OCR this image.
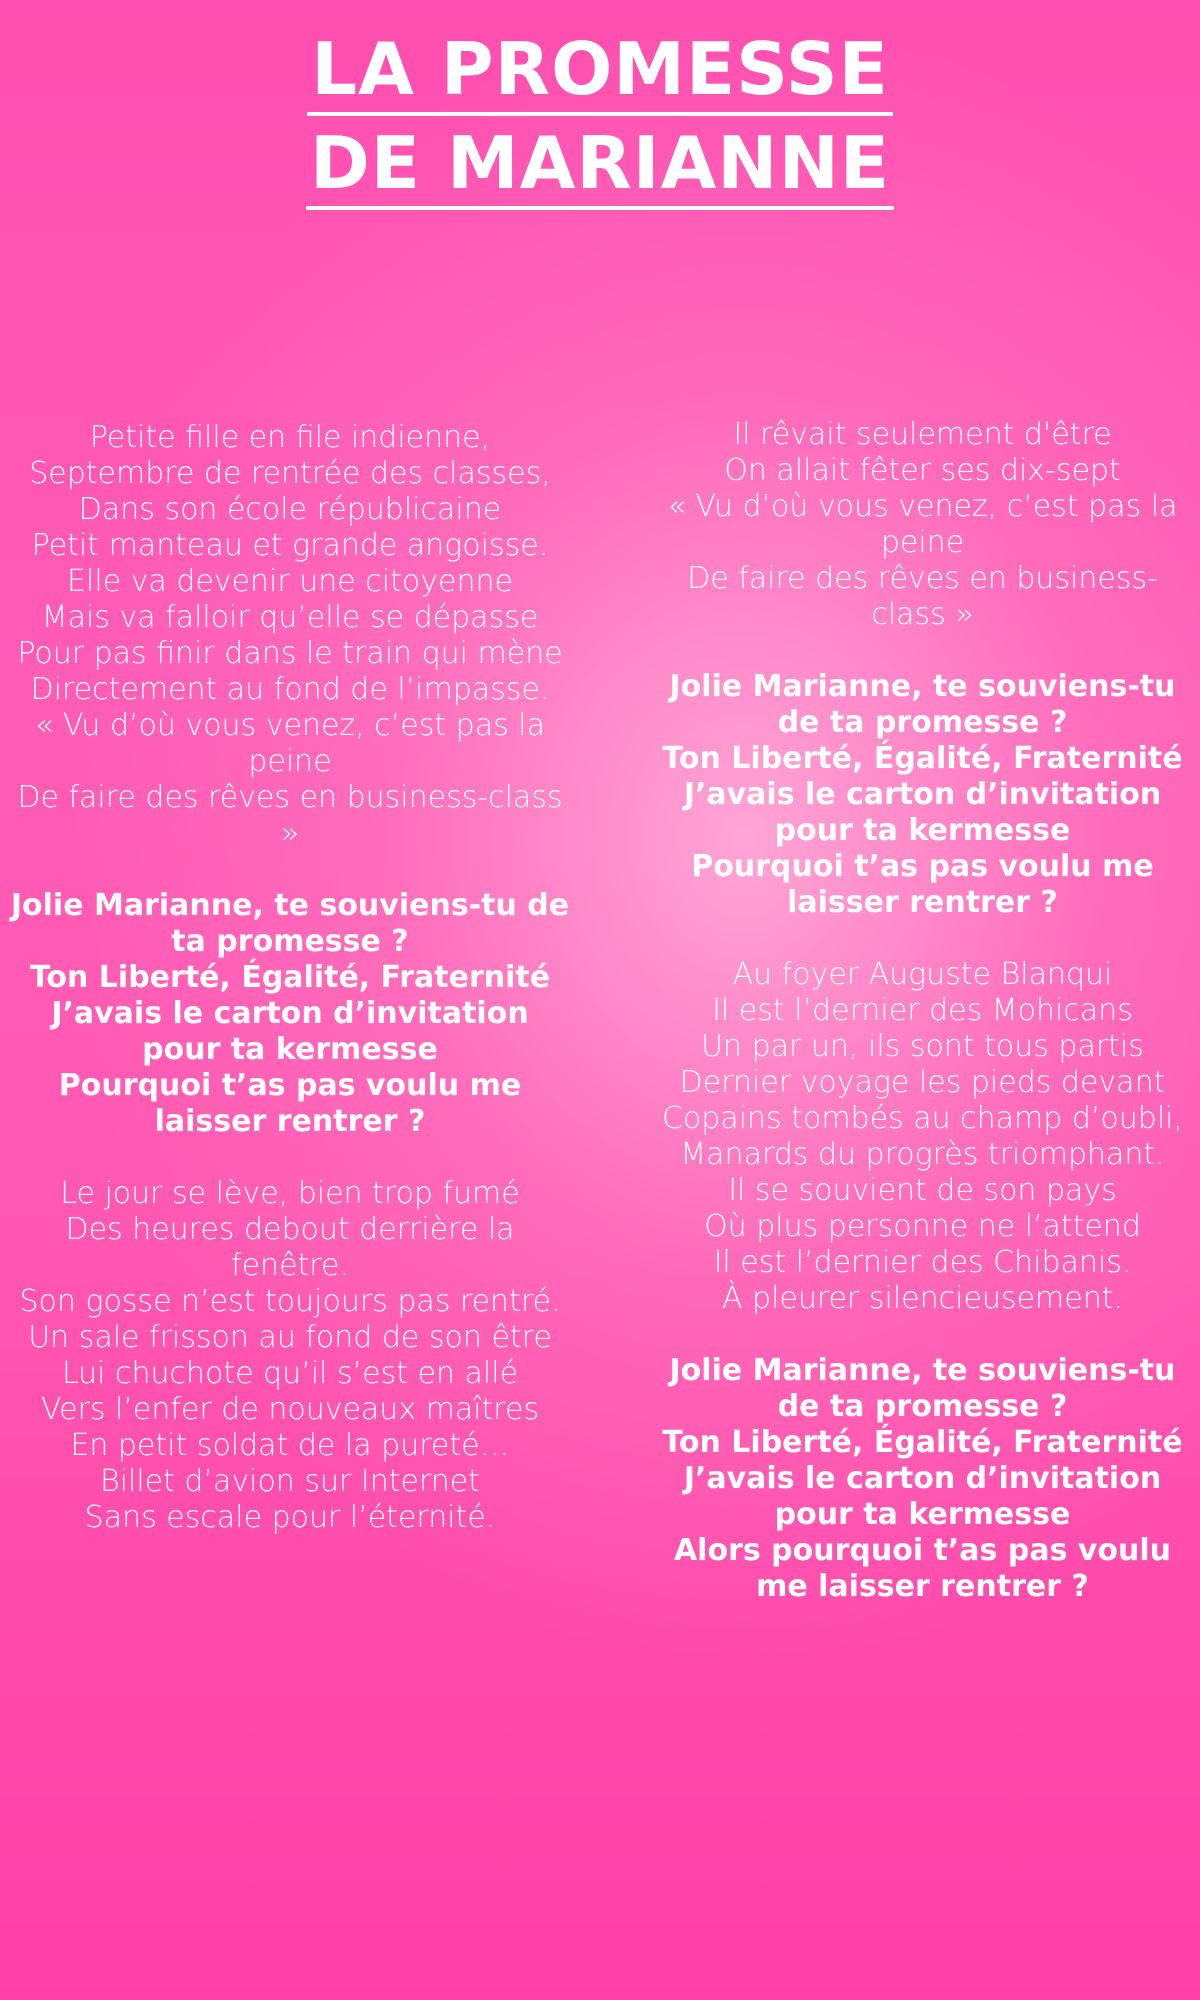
LA PROMESSE
DE MARIANNE
Petite fille en file indienne,
Septembre de rentrée des classes,
Dans son école républicaine
Petit manteau et grande angoisse.
Elle va devenir une citoyenne
Mais va falloir qu’elle se dépasse
Pour pas finir dans le train qui mène
Directement au fond de l’impasse.
« Vu d’où vous venez, c’est pas la peine
De faire des rêves en business-class »
Jolie Marianne, te souviens-tu de ta promesse ?
Ton Liberté, Égalité, Fraternité
J’avais le carton d’invitation pour ta kermesse
Pourquoi t’as pas voulu me laisser rentrer ?
Le jour se lève, bien trop fumé
Des heures debout derrière la fenêtre.
Son gosse n’est toujours pas rentré.
Un sale frisson au fond de son être
Lui chuchote qu’il s’est en allé
Vers l’enfer de nouveaux maîtres
En petit soldat de la pureté…
Billet d’avion sur Internet
Sans escale pour l’éternité.
Il rêvait seulement d'être
On allait fêter ses dix-sept
« Vu d’où vous venez, c’est pas la peine
De faire des rêves en business-class »
Jolie Marianne, te souviens-tu de ta promesse ?
Ton Liberté, Égalité, Fraternité
J’avais le carton d’invitation pour ta kermesse
Pourquoi t’as pas voulu me laisser rentrer ?
Au foyer Auguste Blanqui
Il est l’dernier des Mohicans
Un par un, ils sont tous partis
Dernier voyage les pieds devant
Copains tombés au champ d’oubli,
Manards du progrès triomphant.
Il se souvient de son pays
Où plus personne ne l’attend
Il est l’dernier des Chibanis.
À pleurer silencieusement.
Jolie Marianne, te souviens-tu de ta promesse ?
Ton Liberté, Égalité, Fraternité
J’avais le carton d’invitation pour ta kermesse
Alors pourquoi t’as pas voulu me laisser rentrer ?
